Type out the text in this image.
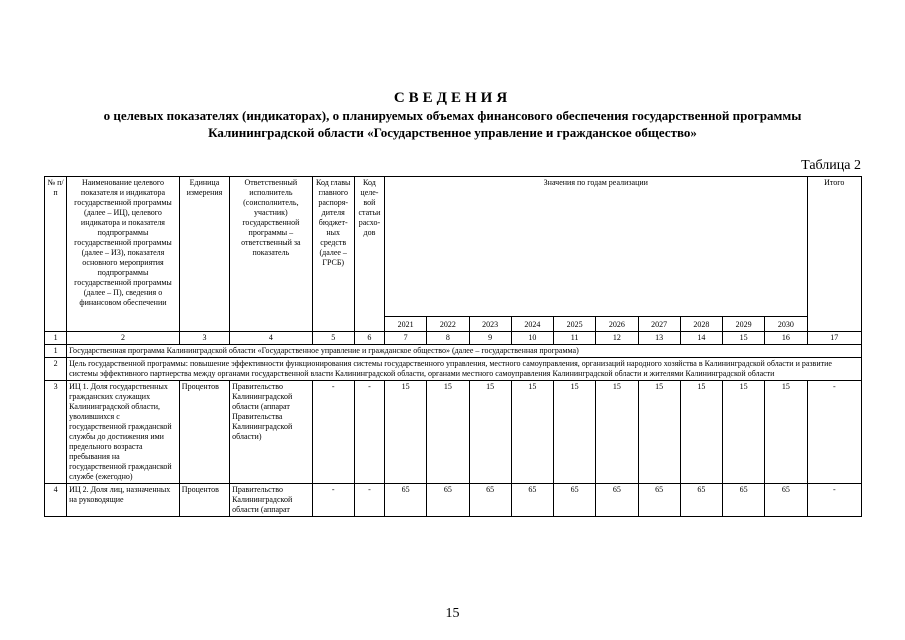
СВЕДЕНИЯ
о целевых показателях (индикаторах), о планируемых объемах финансового обеспечения государственной программы
Калининградской области «Государственное управление и гражданское общество»
Таблица 2
№ п/п	Наименование целевого показателя и индикатора государственной программы (далее – ИЦ), целевого индикатора и показателя подпрограммы государственной программы (далее – ИЗ), показателя основного мероприятия подпрограммы государственной программы (далее – П), сведения о финансовом обеспечении	Единица измерения	Ответственный исполнитель (соисполнитель, участник) государственной программы – ответственный за показатель	Код главы главного распоря-дителя бюджет-ных средств (далее – ГРСБ)	Код целе-вой статьи расхо-дов	Значения по годам реализации										Итого
						2021	2022	2023	2024	2025	2026	2027	2028	2029	2030	
1	2	3	4	5	6	7	8	9	10	11	12	13	14	15	16	17
1	Государственная программа Калининградской области «Государственное управление и гражданское общество» (далее – государственная программа)															
2	Цель государственной программы: повышение эффективности функционирования системы государственного управления, местного самоуправления, организаций народного хозяйства в Калининградской области и развитие системы эффективного партнерства между органами государственной власти Калининградской области, органами местного самоуправления Калининградской области и жителями Калининградской области															
3	ИЦ 1. Доля государственных гражданских служащих Калининградской области, уволившихся с государственной гражданской службы до достижения ими предельного возраста пребывания на государственной гражданской службе (ежегодно)	Процентов	Правительство Калининградской области (аппарат Правительства Калининградской области)	-	-	15	15	15	15	15	15	15	15	15	15	-
4	ИЦ 2. Доля лиц, назначенных на руководящие	Процентов	Правительство Калининградской области (аппарат	-	-	65	65	65	65	65	65	65	65	65	65	-
15
